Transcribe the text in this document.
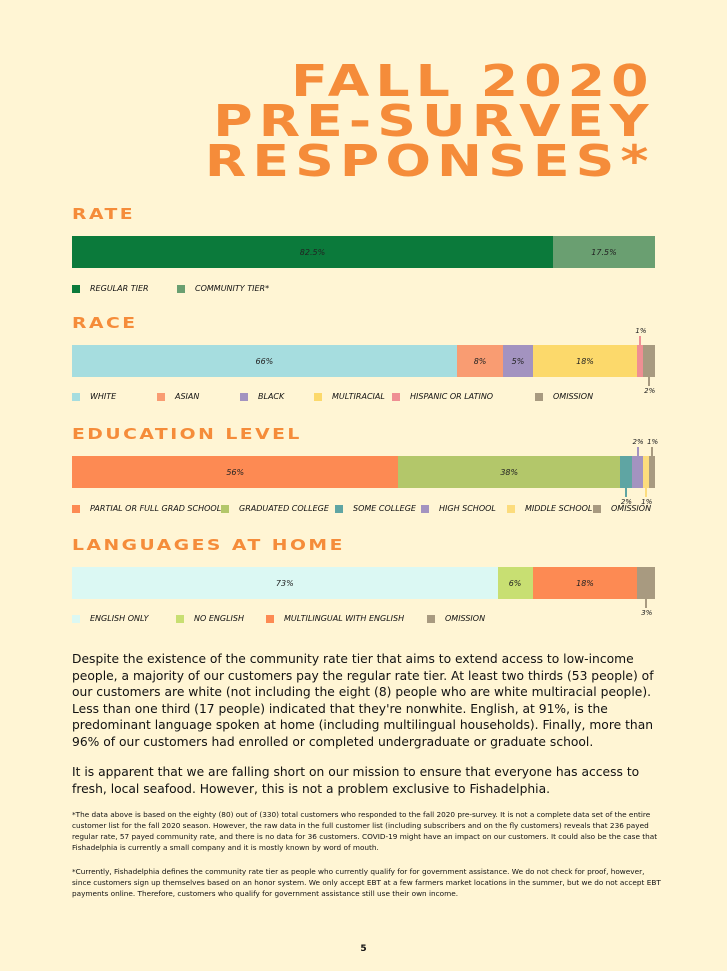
FALL 2020
PRE-SURVEY
RESPONSES*
RATE
82.5%	17.5%
REGULAR TIER	COMMUNITY TIER*
RACE
66%	8%	5%	18%
WHITE	ASIAN	BLACK	MULTIRACIAL	HISPANIC OR LATINO	OMISSION
EDUCATION LEVEL
56%	38%
PARTIAL OR FULL GRAD SCHOOL GRADUATED COLLEGE	SOME COLLEGE	HIGH SCHOOL	MIDDLE SCHOOL OMISSION
LANGUAGES AT HOME
73%	6%	18%
ENGLISH ONLY	NO ENGLISH	MULTILINGUAL WITH ENGLISH	OMISSION
Despite the existence of the community rate tier that aims to extend access to low-income people, a majority of our customers pay the regular rate tier. At least two thirds (53 people) of our customers are white (not including the eight (8) people who are white multiracial people). Less than one third (17 people) indicated that they're nonwhite. English, at 91%, is the predominant language spoken at home (including multilingual households). Finally, more than 96% of our customers had enrolled or completed undergraduate or graduate school.
It is apparent that we are falling short on our mission to ensure that everyone has access to fresh, local seafood. However, this is not a problem exclusive to Fishadelphia.
*The data above is based on the eighty (80) out of (330) total customers who responded to the fall 2020 pre-survey. It is not a complete data set of the entire customer list for the fall 2020 season. However, the raw data in the full customer list (including subscribers and on the fly customers) reveals that 236 payed regular rate, 57 payed community rate, and there is no data for 36 customers. COVID-19 might have an impact on our customers. It could also be the case that Fishadelphia is currently a small company and it is mostly known by word of mouth.
*Currently, Fishadelphia defines the community rate tier as people who currently qualify for for government assistance. We do not check for proof, however, since customers sign up themselves based on an honor system. We only accept EBT at a few farmers market locations in the summer, but we do not accept EBT payments online. Therefore, customers who qualify for government assistance still use their own income.
5
1%
2%
2%
2%
1%
1%
3%
